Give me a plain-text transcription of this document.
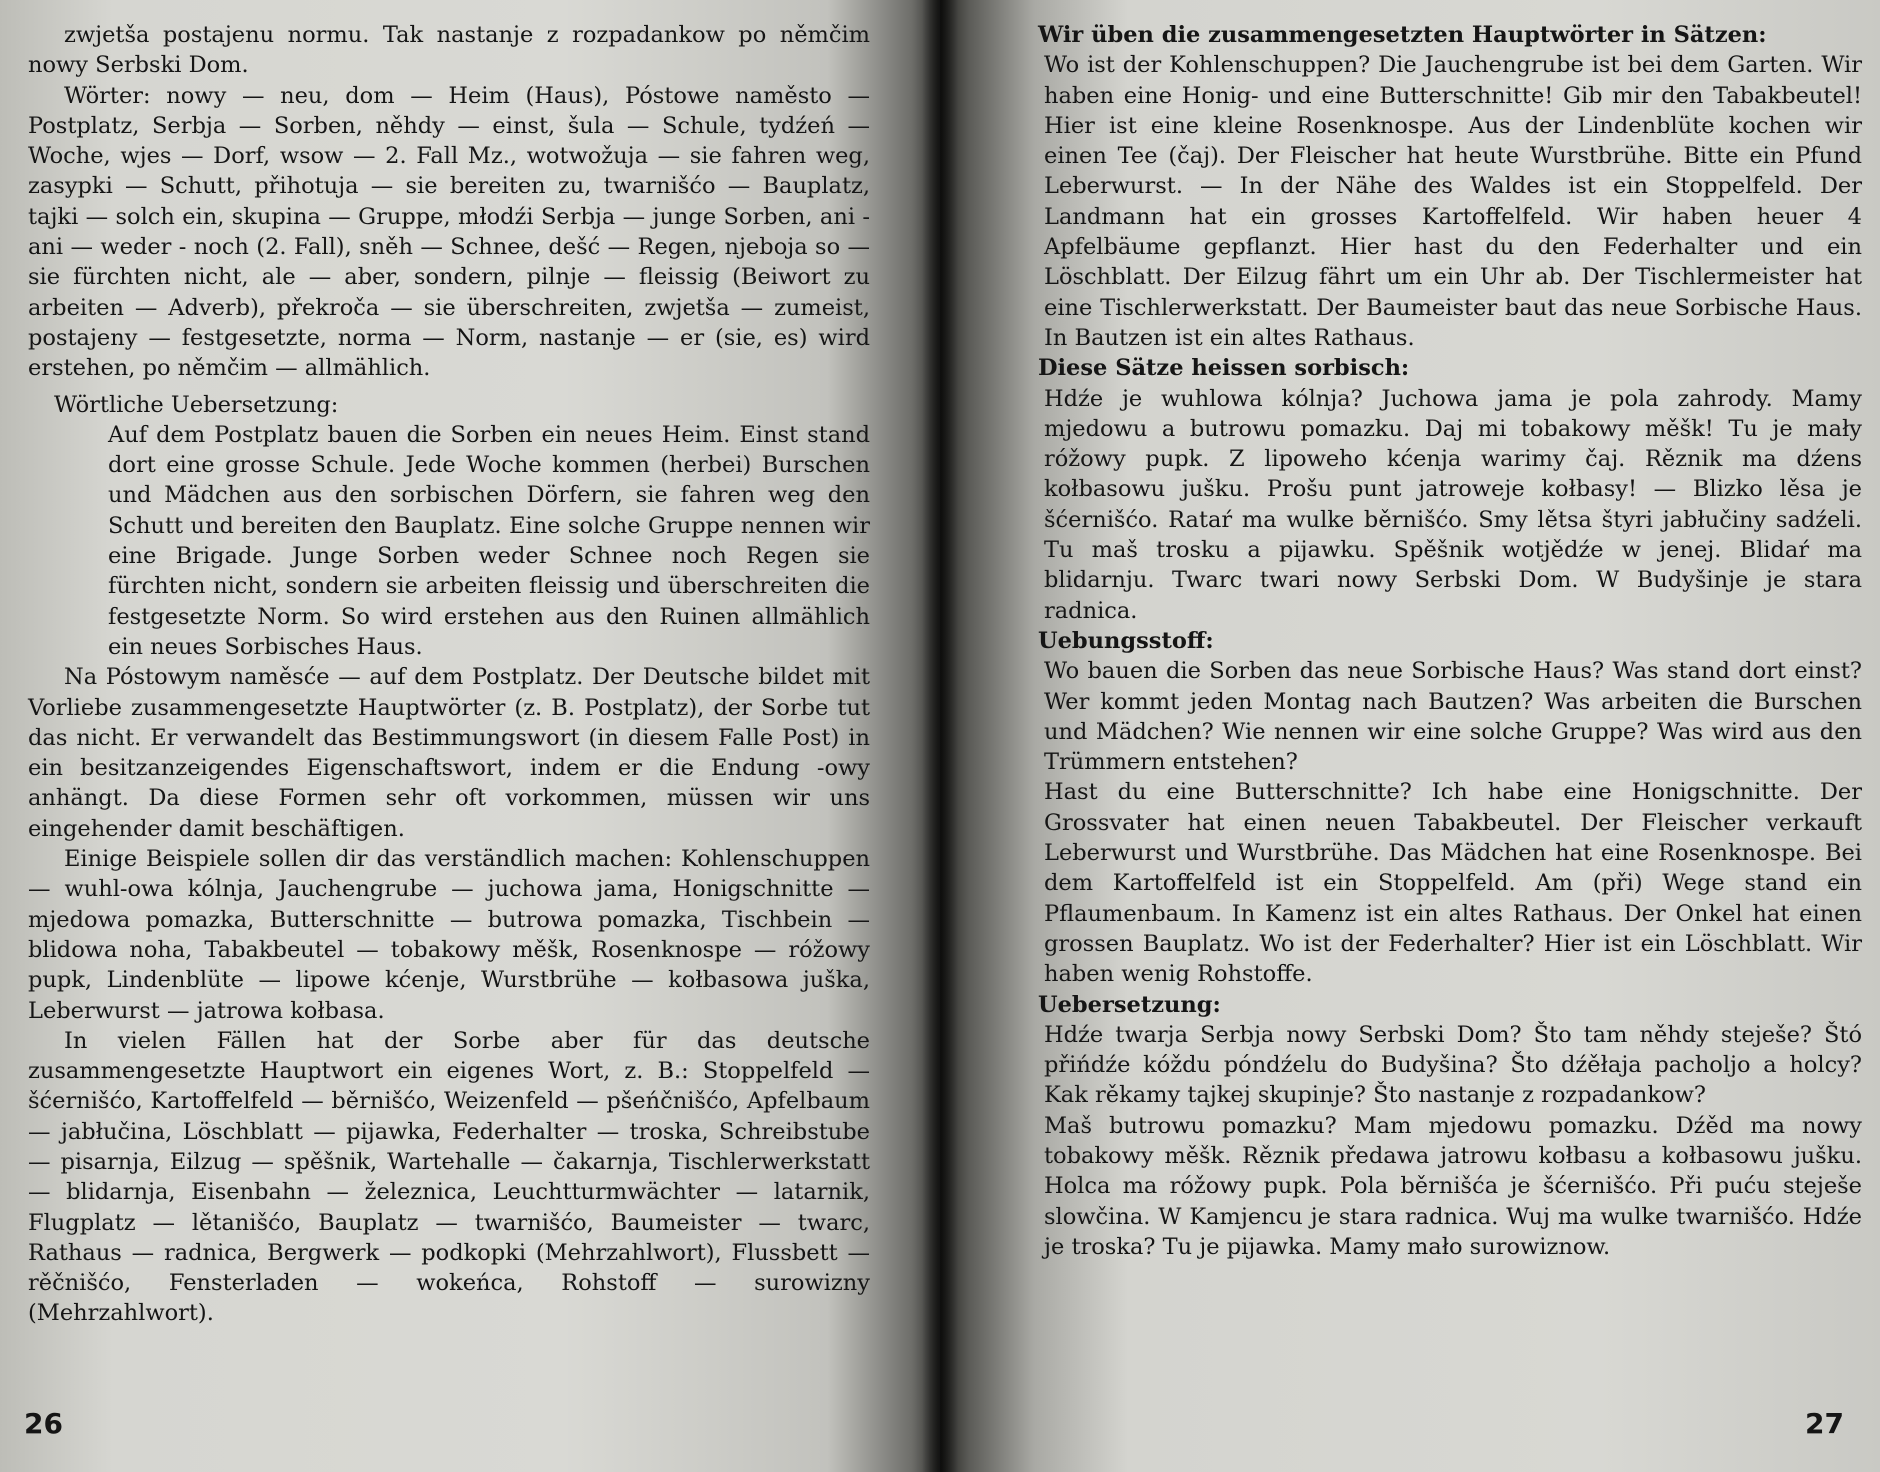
zwjetša postajenu normu. Tak nastanje z rozpadankow po němčim nowy Serbski Dom.

Wörter: nowy — neu, dom — Heim (Haus), Póstowe naměsto — Postplatz, Serbja — Sorben, něhdy — einst, šula — Schule, tydźeń — Woche, wjes — Dorf, wsow — 2. Fall Mz., wotwožuja — sie fahren weg, zasypki — Schutt, přihotuja — sie bereiten zu, twarnišćo — Bauplatz, tajki — solch ein, skupina — Gruppe, młodźi Serbja — junge Sorben, ani - ani — weder - noch (2. Fall), sněh — Schnee, dešć — Regen, njeboja so — sie fürchten nicht, ale — aber, sondern, pilnje — fleissig (Beiwort zu arbeiten — Adverb), překroča — sie überschreiten, zwjetša — zumeist, postajeny — festgesetzte, norma — Norm, nastanje — er (sie, es) wird erstehen, po němčim — allmählich.

Wörtliche Uebersetzung:

Auf dem Postplatz bauen die Sorben ein neues Heim. Einst stand dort eine grosse Schule. Jede Woche kommen (herbei) Burschen und Mädchen aus den sorbischen Dörfern, sie fahren weg den Schutt und bereiten den Bauplatz. Eine solche Gruppe nennen wir eine Brigade. Junge Sorben weder Schnee noch Regen sie fürchten nicht, sondern sie arbeiten fleissig und überschreiten die festgesetzte Norm. So wird erstehen aus den Ruinen allmählich ein neues Sorbisches Haus.

Na Póstowym naměsće — auf dem Postplatz. Der Deutsche bildet mit Vorliebe zusammengesetzte Hauptwörter (z. B. Postplatz), der Sorbe tut das nicht. Er verwandelt das Bestimmungswort (in diesem Falle Post) in ein besitzanzeigendes Eigenschaftswort, indem er die Endung -owy anhängt. Da diese Formen sehr oft vorkommen, müssen wir uns eingehender damit beschäftigen.

Einige Beispiele sollen dir das verständlich machen: Kohlenschuppen — wuhl-owa kólnja, Jauchengrube — juchowa jama, Honigschnitte — mjedowa pomazka, Butterschnitte — butrowa pomazka, Tischbein — blidowa noha, Tabakbeutel — tobakowy měšk, Rosenknospe — róžowy pupk, Lindenblüte — lipowe kćenje, Wurstbrühe — kołbasowa juška, Leberwurst — jatrowa kołbasa.

In vielen Fällen hat der Sorbe aber für das deutsche zusammengesetzte Hauptwort ein eigenes Wort, z. B.: Stoppelfeld — šćernišćo, Kartoffelfeld — běrnišćo, Weizenfeld — pšeńčnišćo, Apfelbaum — jabłučina, Löschblatt — pijawka, Federhalter — troska, Schreibstube — pisarnja, Eilzug — spěšnik, Wartehalle — čakarnja, Tischlerwerkstatt — blidarnja, Eisenbahn — železnica, Leuchtturmwächter — latarnik, Flugplatz — lětanišćo, Bauplatz — twarnišćo, Baumeister — twarc, Rathaus — radnica, Bergwerk — podkopki (Mehrzahlwort), Flussbett — rěčnišćo, Fensterladen — wokeńca, Rohstoff — surowizny (Mehrzahlwort).

26

Wir üben die zusammengesetzten Hauptwörter in Sätzen:

Wo ist der Kohlenschuppen? Die Jauchengrube ist bei dem Garten. Wir haben eine Honig- und eine Butterschnitte! Gib mir den Tabakbeutel! Hier ist eine kleine Rosenknospe. Aus der Lindenblüte kochen wir einen Tee (čaj). Der Fleischer hat heute Wurstbrühe. Bitte ein Pfund Leberwurst. — In der Nähe des Waldes ist ein Stoppelfeld. Der Landmann hat ein grosses Kartoffelfeld. Wir haben heuer 4 Apfelbäume gepflanzt. Hier hast du den Federhalter und ein Löschblatt. Der Eilzug fährt um ein Uhr ab. Der Tischlermeister hat eine Tischlerwerkstatt. Der Baumeister baut das neue Sorbische Haus. In Bautzen ist ein altes Rathaus.

Diese Sätze heissen sorbisch:

Hdźe je wuhlowa kólnja? Juchowa jama je pola zahrody. Mamy mjedowu a butrowu pomazku. Daj mi tobakowy měšk! Tu je mały róžowy pupk. Z lipoweho kćenja warimy čaj. Rěznik ma dźens kołbasowu jušku. Prošu punt jatroweje kołbasy! — Blizko lěsa je šćernišćo. Rataŕ ma wulke běrnišćo. Smy lětsa štyri jabłučiny sadźeli. Tu maš trosku a pijawku. Spěšnik wotjědźe w jenej. Blidaŕ ma blidarnju. Twarc twari nowy Serbski Dom. W Budyšinje je stara radnica.

Uebungsstoff:

Wo bauen die Sorben das neue Sorbische Haus? Was stand dort einst? Wer kommt jeden Montag nach Bautzen? Was arbeiten die Burschen und Mädchen? Wie nennen wir eine solche Gruppe? Was wird aus den Trümmern entstehen?

Hast du eine Butterschnitte? Ich habe eine Honigschnitte. Der Grossvater hat einen neuen Tabakbeutel. Der Fleischer verkauft Leberwurst und Wurstbrühe. Das Mädchen hat eine Rosenknospe. Bei dem Kartoffelfeld ist ein Stoppelfeld. Am (při) Wege stand ein Pflaumenbaum. In Kamenz ist ein altes Rathaus. Der Onkel hat einen grossen Bauplatz. Wo ist der Federhalter? Hier ist ein Löschblatt. Wir haben wenig Rohstoffe.

Uebersetzung:

Hdźe twarja Serbja nowy Serbski Dom? Što tam něhdy steješe? Štó přińdźe kóždu póndźelu do Budyšina? Što dźěłaja pacholjo a holcy? Kak rěkamy tajkej skupinje? Što nastanje z rozpadankow?

Maš butrowu pomazku? Mam mjedowu pomazku. Dźěd ma nowy tobakowy měšk. Rěznik předawa jatrowu kołbasu a kołbasowu jušku. Holca ma róžowy pupk. Pola běrnišća je šćernišćo. Při puću steješe slowčina. W Kamjencu je stara radnica. Wuj ma wulke twarnišćo. Hdźe je troska? Tu je pijawka. Mamy mało surowiznow.

27
